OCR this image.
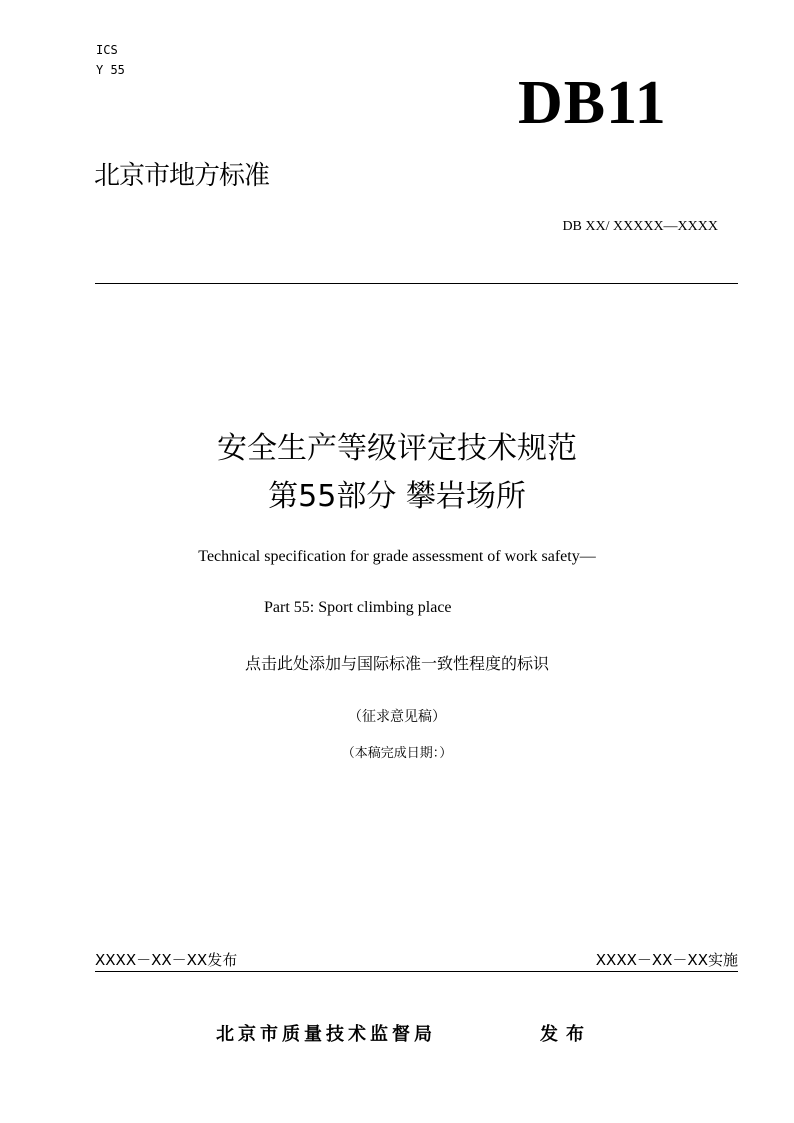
ICS
Y 55	DB11
北京市地方标准
DB XX/ XXXXX—XXXX
安全生产等级评定技术规范
第55部分 攀岩场所
Technical specification for grade assessment of work safety—
Part 55: Sport climbing place
点击此处添加与国际标准一致性程度的标识
（征求意见稿）
（本稿完成日期：）
XXXX－XX－XX发布	XXXX－XX－XX实施
北京市质量技术监督局	发布
